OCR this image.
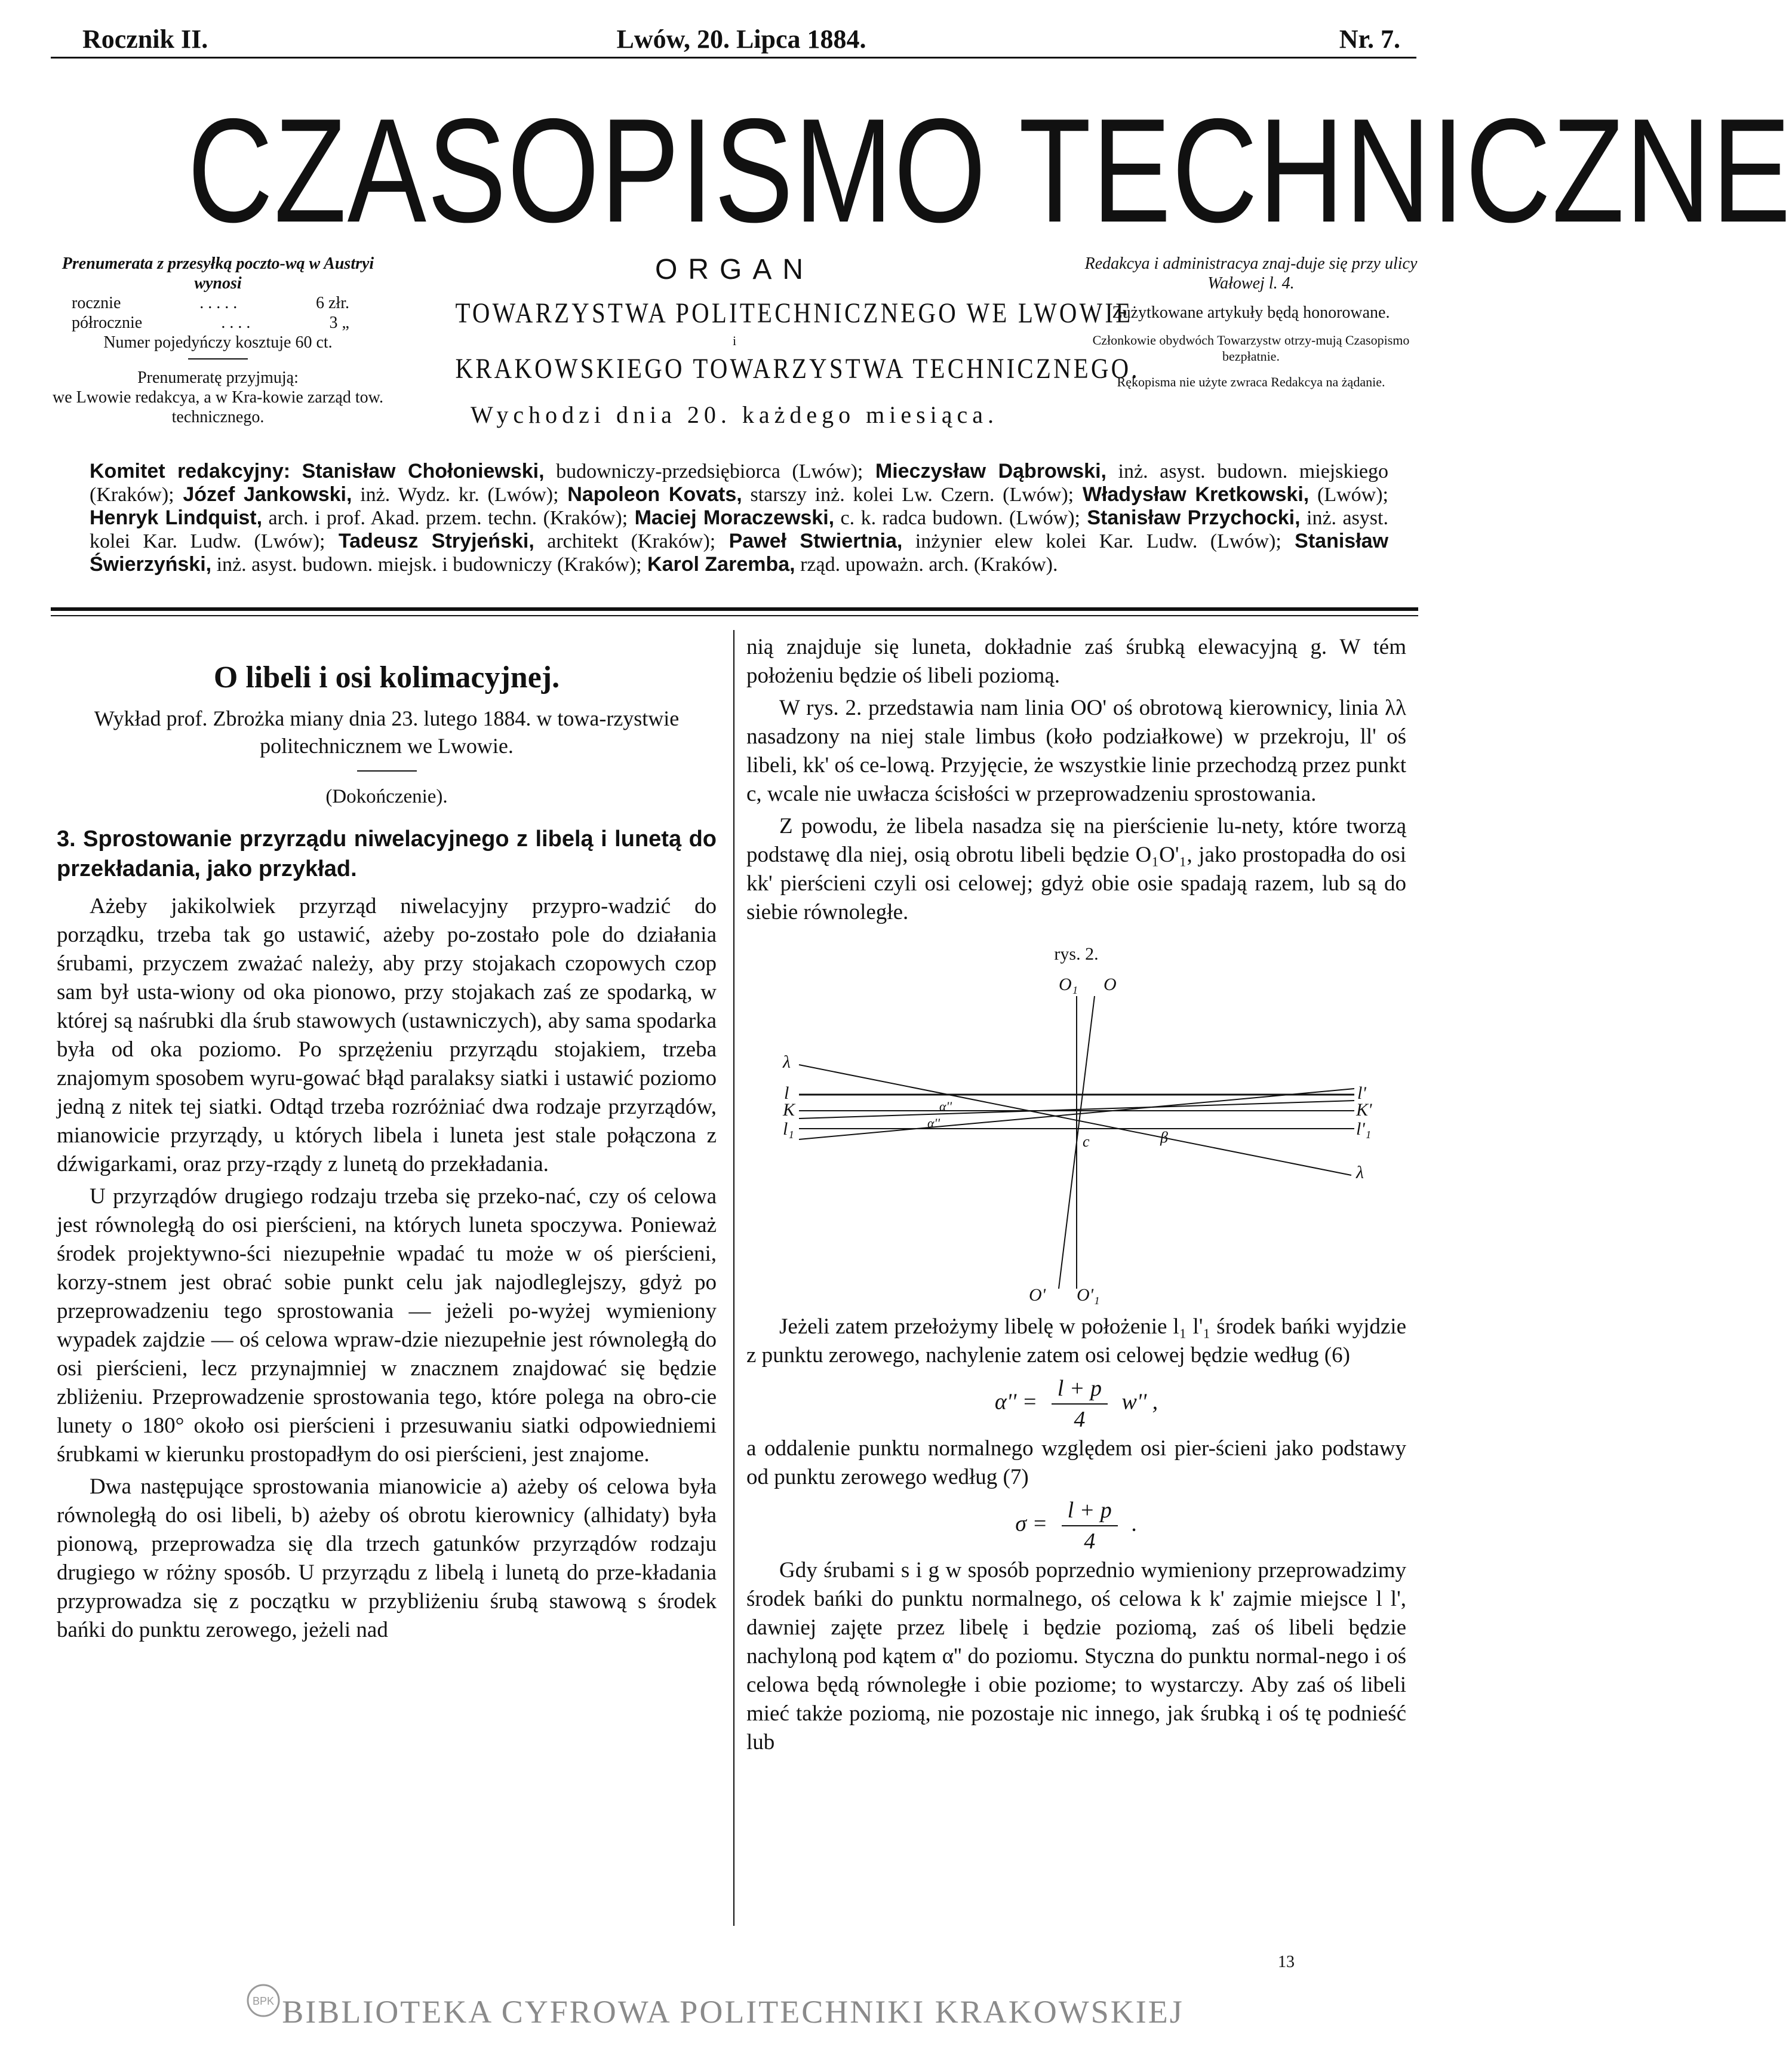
Rocznik II.	Lwów, 20. Lipca 1884.	Nr. 7.
CZASOPISMO TECHNICZNE
Prenumerata z przesyłką poczto-wą w Austryi wynosi
rocznie	. . . . .	6 złr.
półrocznie	. . . .	3 „
Numer pojedyńczy kosztuje 60 ct.
Prenumeratę przyjmują:
we Lwowie redakcya, a w Kra-kowie zarząd tow. technicznego.
ORGAN
TOWARZYSTWA POLITECHNICZNEGO WE LWOWIE
i
KRAKOWSKIEGO TOWARZYSTWA TECHNICZNEGO.
Wychodzi dnia 20. każdego miesiąca.

Redakcya i administracya znaj-duje się przy ulicy Wałowej l. 4.

Zużytkowane artykuły będą honorowane.

Członkowie obydwóch Towarzystw otrzy-mują Czasopismo bezpłatnie.

Rękopisma nie użyte zwraca Redakcya na żądanie.

Komitet redakcyjny: Stanisław Chołoniewski, budowniczy-przedsiębiorca (Lwów); Mieczysław Dąbrowski, inż. asyst. budown. miejskiego (Kraków); Józef Jankowski, inż. Wydz. kr. (Lwów); Napoleon Kovats, starszy inż. kolei Lw. Czern. (Lwów); Władysław Kretkowski, (Lwów); Henryk Lindquist, arch. i prof. Akad. przem. techn. (Kraków); Maciej Moraczewski, c. k. radca budown. (Lwów); Stanisław Przychocki, inż. asyst. kolei Kar. Ludw. (Lwów); Tadeusz Stryjeński, architekt (Kraków); Paweł Stwiertnia, inżynier elew kolei Kar. Ludw. (Lwów); Stanisław Świerzyński, inż. asyst. budown. miejsk. i budowniczy (Kraków); Karol Zaremba, rząd. upoważn. arch. (Kraków).
O libeli i osi kolimacyjnej.
Wykład prof. Zbrożka miany dnia 23. lutego 1884. w towa-rzystwie politechnicznem we Lwowie.
(Dokończenie).
3. Sprostowanie przyrządu niwelacyjnego z libelą i lunetą do przekładania, jako przykład.

Ażeby jakikolwiek przyrząd niwelacyjny przypro-wadzić do porządku, trzeba tak go ustawić, ażeby po-zostało pole do działania śrubami, przyczem zważać należy, aby przy stojakach czopowych czop sam był usta-wiony od oka pionowo, przy stojakach zaś ze spodarką, w której są naśrubki dla śrub stawowych (ustawniczych), aby sama spodarka była od oka poziomo. Po sprzężeniu przyrządu stojakiem, trzeba znajomym sposobem wyru-gować błąd paralaksy siatki i ustawić poziomo jedną z nitek tej siatki. Odtąd trzeba rozróżniać dwa rodzaje przyrządów, mianowicie przyrządy, u których libela i luneta jest stale połączona z dźwigarkami, oraz przy-rządy z lunetą do przekładania.

U przyrządów drugiego rodzaju trzeba się przeko-nać, czy oś celowa jest równoległą do osi pierścieni, na których luneta spoczywa. Ponieważ środek projektywno-ści niezupełnie wpadać tu może w oś pierścieni, korzy-stnem jest obrać sobie punkt celu jak najodleglejszy, gdyż po przeprowadzeniu tego sprostowania — jeżeli po-wyżej wymieniony wypadek zajdzie — oś celowa wpraw-dzie niezupełnie jest równoległą do osi pierścieni, lecz przynajmniej w znacznem znajdować się będzie zbliżeniu. Przeprowadzenie sprostowania tego, które polega na obro-cie lunety o 180° około osi pierścieni i przesuwaniu siatki odpowiedniemi śrubkami w kierunku prostopadłym do osi pierścieni, jest znajome.

Dwa następujące sprostowania mianowicie a) ażeby oś celowa była równoległą do osi libeli, b) ażeby oś obrotu kierownicy (alhidaty) była pionową, przeprowadza się dla trzech gatunków przyrządów rodzaju drugiego w różny sposób. U przyrządu z libelą i lunetą do prze-kładania przyprowadza się z początku w przybliżeniu śrubą stawową s środek bańki do punktu zerowego, jeżeli nad

nią znajduje się luneta, dokładnie zaś śrubką elewacyjną g. W tém położeniu będzie oś libeli poziomą.

W rys. 2. przedstawia nam linia OO' oś obrotową kierownicy, linia λλ nasadzony na niej stale limbus (koło podziałkowe) w przekroju, ll' oś libeli, kk' oś ce-lową. Przyjęcie, że wszystkie linie przechodzą przez punkt c, wcale nie uwłacza ścisłości w przeprowadzeniu sprostowania.

Z powodu, że libela nasadza się na pierścienie lu-nety, które tworzą podstawę dla niej, osią obrotu libeli będzie O₁O'₁, jako prostopadła do osi kk' pierścieni czyli osi celowej; gdyż obie osie spadają razem, lub są do siebie równoległe.

rys. 2.
O₁ O
λ
λ
l	l'
K	K'
l₁	l'₁
α''
α''
c	β
O' O'₁

Jeżeli zatem przełożymy libelę w położenie l₁ l'₁ środek bańki wyjdzie z punktu zerowego, nachylenie zatem osi celowej będzie według (6)

$\alpha'' = \frac{l + p}{4} w''$ ,

a oddalenie punktu normalnego względem osi pier-ścieni jako podstawy od punktu zerowego według (7)

$\sigma = \frac{l + p}{4}$ .

Gdy śrubami s i g w sposób poprzednio wymieniony przeprowadzimy środek bańki do punktu normalnego, oś celowa k k' zajmie miejsce l l', dawniej zajęte przez libelę i będzie poziomą, zaś oś libeli będzie nachyloną pod kątem α'' do poziomu. Styczna do punktu normal-nego i oś celowa będą równoległe i obie poziome; to wystarczy. Aby zaś oś libeli mieć także poziomą, nie pozostaje nic innego, jak śrubką i oś tę podnieść lub

13
BPK BIBLIOTEKA CYFROWA POLITECHNIKI KRAKOWSKIEJ
